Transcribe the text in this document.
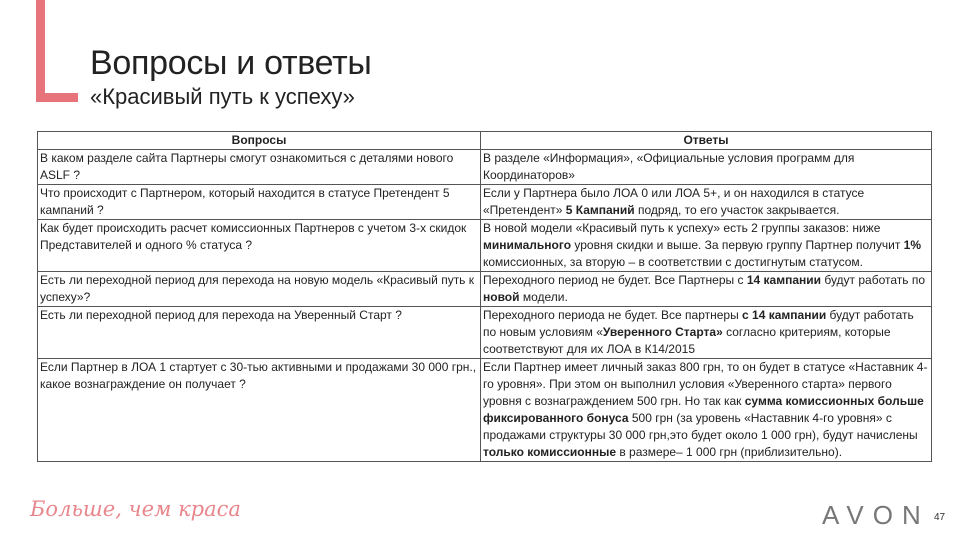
Вопросы и ответы
«Красивый путь к успеху»
Вопросы	Ответы
В каком разделе сайта Партнеры смогут ознакомиться с деталями нового ASLF ?	В разделе «Информация», «Официальные условия программ для Координаторов»
Что происходит с Партнером, который находится в статусе Претендент 5 кампаний ?	Если у Партнера было ЛОА 0 или ЛОА 5+, и он находился в статусе «Претендент» 5 Кампаний подряд, то его участок закрывается.
Как будет происходить расчет комиссионных Партнеров с учетом 3-х скидок Представителей и одного % статуса ?	В новой модели «Красивый путь к успеху» есть 2 группы заказов: ниже минимального уровня скидки и выше. За первую группу Партнер получит 1% комиссионных, за вторую – в соответствии с достигнутым статусом.
Есть ли переходной период для перехода на новую модель «Красивый путь к успеху»?	Переходного период не будет. Все Партнеры с 14 кампании будут работать по новой модели.
Есть ли переходной период для перехода на Уверенный Старт ?	Переходного периода не будет. Все партнеры с 14 кампании будут работать по новым условиям «Уверенного Старта» согласно критериям, которые соответствуют для их ЛОА в К14/2015
Если Партнер в ЛОА 1 стартует с 30-тью активными и продажами 30 000 грн., какое вознаграждение он получает ?	Если Партнер имеет личный заказ 800 грн, то он будет в статусе «Наставник 4-го уровня». При этом он выполнил условия «Уверенного старта» первого уровня с вознаграждением 500 грн. Но так как сумма комиссионных больше фиксированного бонуса 500 грн (за уровень «Наставник 4-го уровня» с продажами структуры 30 000 грн,это будет около 1 000 грн), будут начислены только комиссионные в размере– 1 000 грн (приблизительно).
Больше, чем краса	AVON 47
